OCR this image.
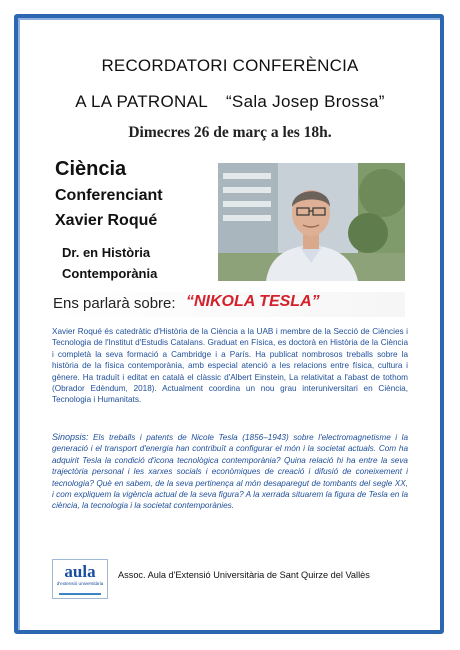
RECORDATORI CONFERÈNCIA
A LA PATRONAL “Sala Josep Brossa”
Dimecres 26 de març a les 18h.
Ciència
Conferenciant
Xavier Roqué
Dr. en Història
Contemporània
Ens parlarà sobre: “NIKOLA TESLA”
Xavier Roqué és catedràtic d'Història de la Ciència a la UAB i membre de la Secció de Ciències i Tecnologia de l'Institut d'Estudis Catalans. Graduat en Física, es doctorà en Història de la Ciència i completà la seva formació a Cambridge i a París. Ha publicat nombrosos treballs sobre la història de la física contemporània, amb especial atenció a les relacions entre física, cultura i gènere. Ha traduït i editat en català el clàssic d'Albert Einstein, La relativitat a l'abast de tothom (Obrador Edèndum, 2018). Actualment coordina un nou grau interuniversitari en Ciència, Tecnologia i Humanitats.
Sinopsis: Els treballs i patents de Nicole Tesla (1856–1943) sobre l'electromagnetisme i la generació i el transport d'energia han contribuït a configurar el món i la societat actuals. Com ha adquirit Tesla la condició d'icona tecnològica contemporània? Quina relació hi ha entre la seva trajectòria personal i les xarxes socials i econòmiques de creació i difusió de coneixement i tecnologia? Què en sabem, de la seva pertinença al món desaparegut de tombants del segle XX, i com expliquem la vigència actual de la seva figura? A la xerrada situarem la figura de Tesla en la ciència, la tecnologia i la societat contemporànies.
aula
d'extensió universitària
Assoc. Aula d'Extensió Universitària de Sant Quirze del Vallès
